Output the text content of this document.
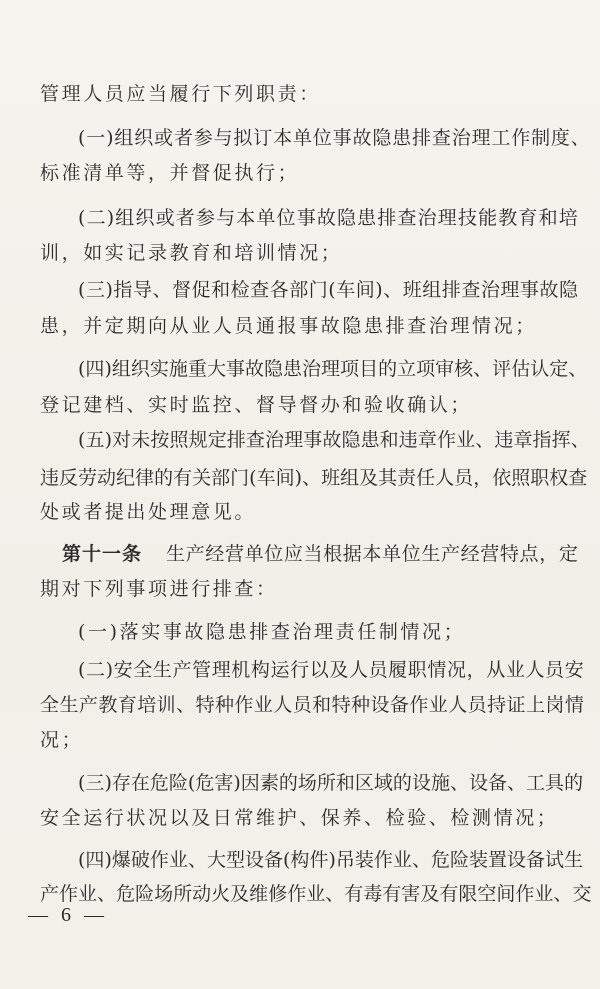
管理人员应当履行下列职责：
( 一 ) 组 织 或 者 参 与 拟 订 本 单 位 事 故 隐 患 排 查 治 理 工 作 制 度 、
标准清单等，并督促执行；
( 二 ) 组 织 或 者 参 与 本 单 位 事 故 隐 患 排 查 治 理 技 能 教 育 和 培
训，如实记录教育和培训情况；
( 三 ) 指 导 、 督 促 和 检 查 各 部 门 ( 车 间 ) 、 班 组 排 查 治 理 事 故 隐
患，并定期向从业人员通报事故隐患排查治理情况；
( 四 ) 组 织 实 施 重 大 事 故 隐 患 治 理 项 目 的 立 项 审 核 、 评 估 认 定 、
登记建档、实时监控、督导督办和验收确认；
( 五 ) 对 未 按 照 规 定 排 查 治 理 事 故 隐 患 和 违 章 作 业 、 违 章 指 挥 、
违 反 劳 动 纪 律 的 有 关 部 门 ( 车 间 ) 、 班 组 及 其 责 任 人 员 ， 依 照 职 权 查
处或者提出处理意见。
第十一条 生 产 经 营 单 位 应 当 根 据 本 单 位 生 产 经 营 特 点 ， 定
期对下列事项进行排查：
(一)落实事故隐患排查治理责任制情况；
( 二 ) 安 全 生 产 管 理 机 构 运 行 以 及 人 员 履 职 情 况 ， 从 业 人 员 安
全 生 产 教 育 培 训 、 特 种 作 业 人 员 和 特 种 设 备 作 业 人 员 持 证 上 岗 情
况；
( 三 ) 存 在 危 险 ( 危 害 ) 因 素 的 场 所 和 区 域 的 设 施 、 设 备 、 工 具 的
安全运行状况以及日常维护、保养、检验、检测情况；
( 四 ) 爆 破 作 业 、 大 型 设 备 ( 构 件 ) 吊 装 作 业 、 危 险 装 置 设 备 试 生
产 作 业 、 危 险 场 所 动 火 及 维 修 作 业 、 有 毒 有 害 及 有 限 空 间 作 业 、 交
— 6 —
